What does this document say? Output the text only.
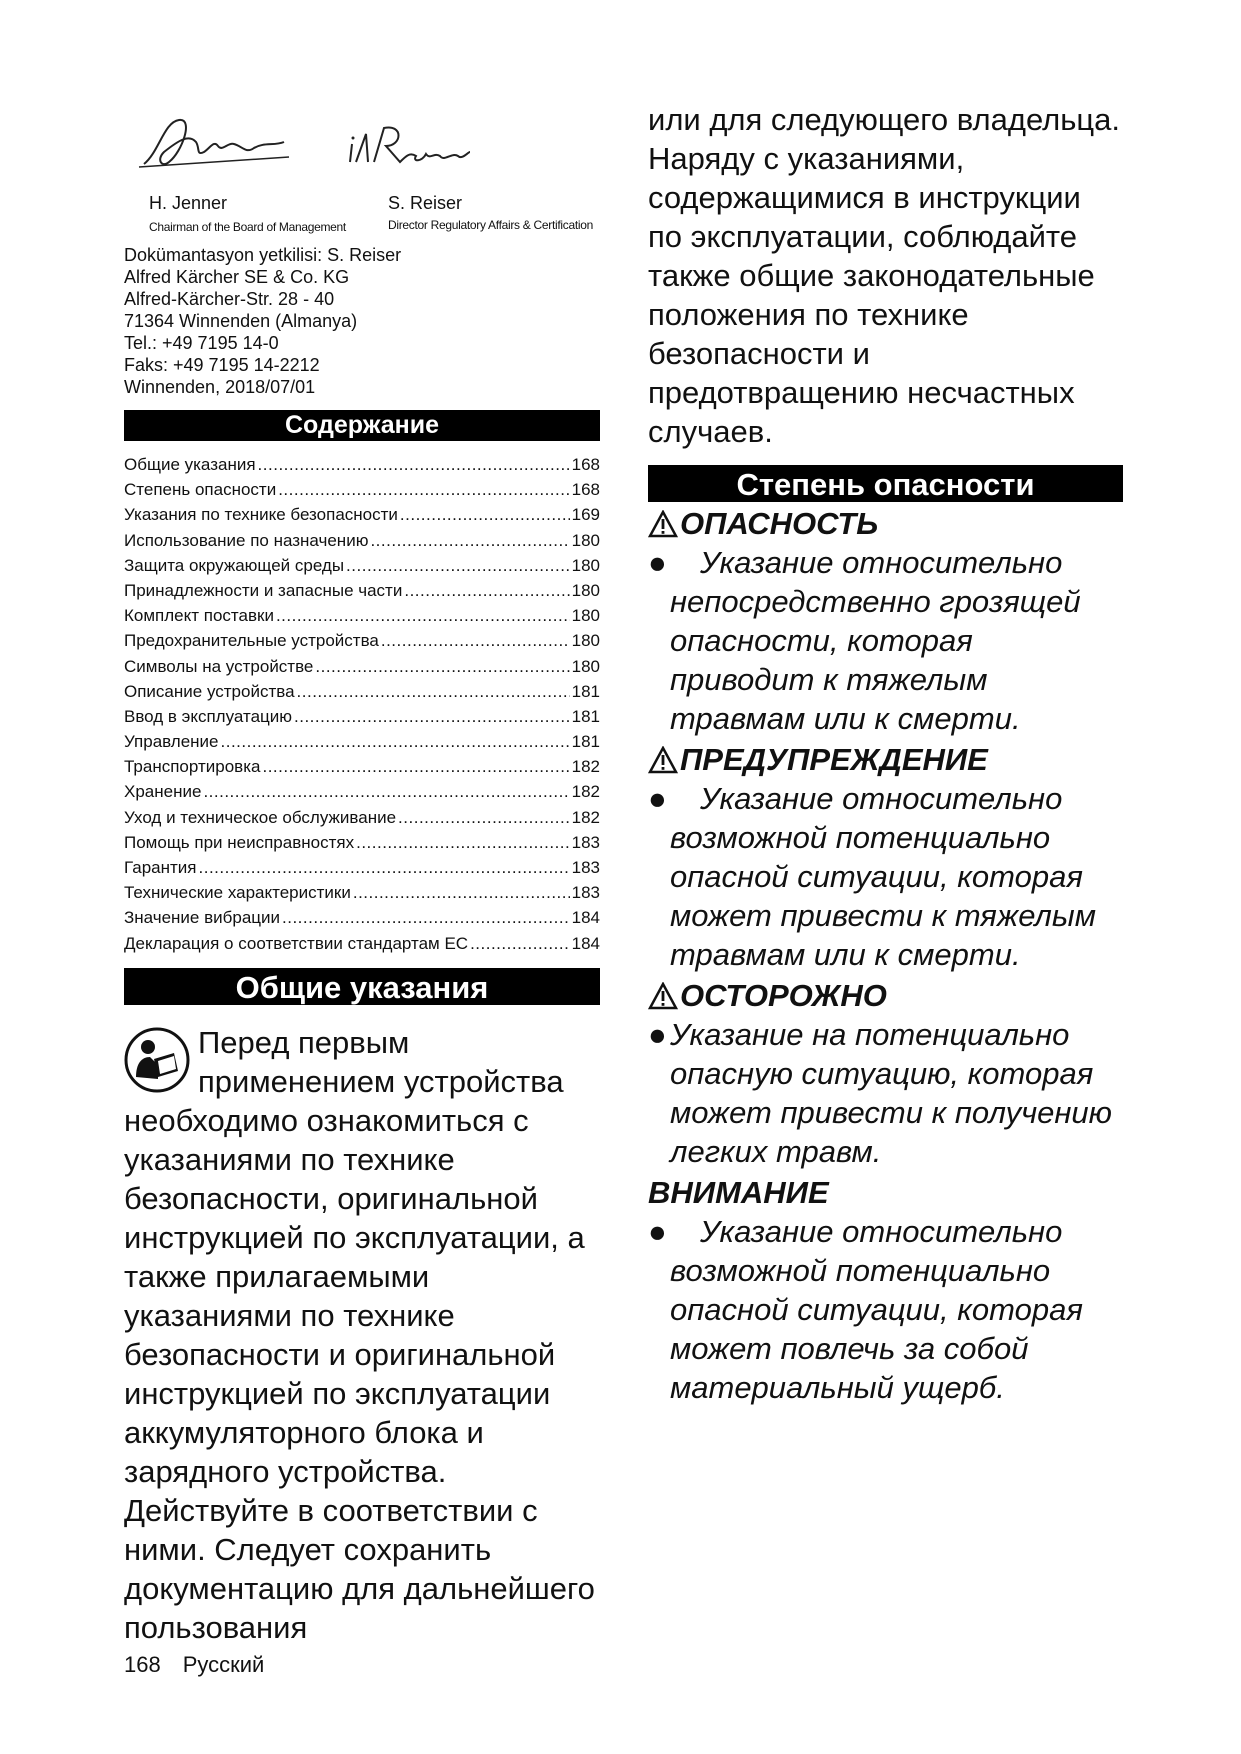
H. Jenner
Chairman of the Board of Management
S. Reiser
Director Regulatory Affairs & Certification
Dokümantasyon yetkilisi: S. Reiser
Alfred Kärcher SE & Co. KG
Alfred-Kärcher-Str. 28 - 40
71364 Winnenden (Almanya)
Tel.: +49 7195 14-0
Faks: +49 7195 14-2212
Winnenden, 2018/07/01
Содержание
Общие указания .....	168
Степень опасности .....	168
Указания по технике безопасности .....	169
Использование по назначению .....	180
Защита окружающей среды .....	180
Принадлежности и запасные части .....	180
Комплект поставки .....	180
Предохранительные устройства .....	180
Символы на устройстве .....	180
Описание устройства .....	181
Ввод в эксплуатацию .....	181
Управление .....	181
Транспортировка .....	182
Хранение .....	182
Уход и техническое обслуживание .....	182
Помощь при неисправностях .....	183
Гарантия .....	183
Технические характеристики .....	183
Значение вибрации .....	184
Декларация о соответствии стандартам ЕС .....	184
Общие указания
Перед первым применением устройства необходимо ознакомиться с указаниями по технике безопасности, оригинальной инструкцией по эксплуатации, а также прилагаемыми указаниями по технике безопасности и оригинальной инструкцией по эксплуатации аккумуляторного блока и зарядного устройства. Действуйте в соответствии с ними. Следует сохранить документацию для дальнейшего пользования
или для следующего владельца. Наряду с указаниями, содержащимися в инструкции по эксплуатации, соблюдайте также общие законодательные положения по технике безопасности и предотвращению несчастных случаев.
Степень опасности
ОПАСНОСТЬ
● Указание относительно непосредственно грозящей опасности, которая приводит к тяжелым травмам или к смерти.
ПРЕДУПРЕЖДЕНИЕ
● Указание относительно возможной потенциально опасной ситуации, которая может привести к тяжелым травмам или к смерти.
ОСТОРОЖНО
● Указание на потенциально опасную ситуацию, которая может привести к получению легких травм.
ВНИМАНИЕ
● Указание относительно возможной потенциально опасной ситуации, которая может повлечь за собой материальный ущерб.
168 Русский
